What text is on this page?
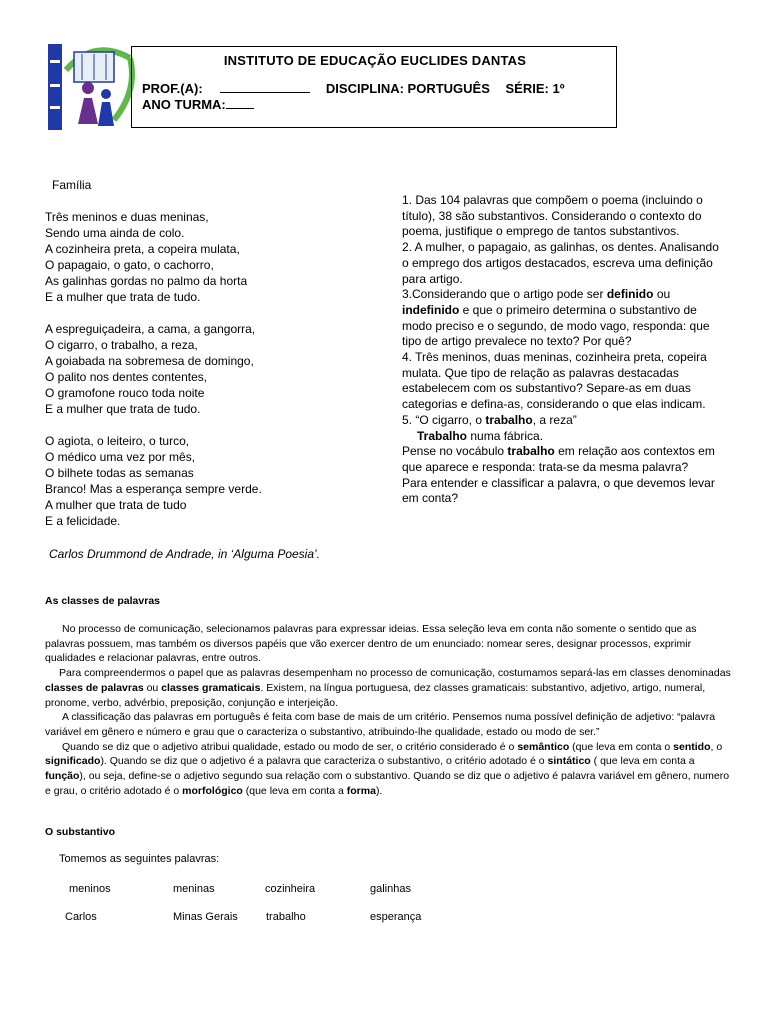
INSTITUTO DE EDUCAÇÃO EUCLIDES DANTAS
PROF.(A):	DISCIPLINA: PORTUGUÊS SÉRIE: 1º
ANO TURMA:
Família
Três meninos e duas meninas,
Sendo uma ainda de colo.
A cozinheira preta, a copeira mulata,
O papagaio, o gato, o cachorro,
As galinhas gordas no palmo da horta
E a mulher que trata de tudo.
A espreguiçadeira, a cama, a gangorra,
O cigarro, o trabalho, a reza,
A goiabada na sobremesa de domingo,
O palito nos dentes contentes,
O gramofone rouco toda noite
E a mulher que trata de tudo.
O agiota, o leiteiro, o turco,
O médico uma vez por mês,
O bilhete todas as semanas
Branco! Mas a esperança sempre verde.
A mulher que trata de tudo
E a felicidade.
Carlos Drummond de Andrade, in ‘Alguma Poesia’.
1. Das 104 palavras que compõem o poema (incluindo o título), 38 são substantivos. Considerando o contexto do poema, justifique o emprego de tantos substantivos.
2. A mulher, o papagaio, as galinhas, os dentes. Analisando o emprego dos artigos destacados, escreva uma definição para artigo.
3.Considerando que o artigo pode ser definido ou indefinido e que o primeiro determina o substantivo de modo preciso e o segundo, de modo vago, responda: que tipo de artigo prevalece no texto? Por quê?
4. Três meninos, duas meninas, cozinheira preta, copeira mulata. Que tipo de relação as palavras destacadas estabelecem com os substantivo? Separe-as em duas categorias e defina-as, considerando o que elas indicam.
5. “O cigarro, o trabalho, a reza”
Trabalho numa fábrica.
Pense no vocábulo trabalho em relação aos contextos em que aparece e responda: trata-se da mesma palavra?
Para entender e classificar a palavra, o que devemos levar em conta?
As classes de palavras
No processo de comunicação, selecionamos palavras para expressar ideias. Essa seleção leva em conta não somente o sentido que as palavras possuem, mas também os diversos papéis que vão exercer dentro de um enunciado: nomear seres, designar processos, exprimir qualidades e relacionar palavras, entre outros.
Para compreendermos o papel que as palavras desempenham no processo de comunicação, costumamos separá-las em classes denominadas classes de palavras ou classes gramaticais. Existem, na língua portuguesa, dez classes gramaticais: substantivo, adjetivo, artigo, numeral, pronome, verbo, advérbio, preposição, conjunção e interjeição.
A classificação das palavras em português é feita com base de mais de um critério. Pensemos numa possível definição de adjetivo: “palavra variável em gênero e número e grau que o caracteriza o substantivo, atribuindo-lhe qualidade, estado ou modo de ser.”
Quando se diz que o adjetivo atribui qualidade, estado ou modo de ser, o critério considerado é o semântico (que leva em conta o sentido, o significado). Quando se diz que o adjetivo é a palavra que caracteriza o substantivo, o critério adotado é o sintático ( que leva em conta a função), ou seja, define-se o adjetivo segundo sua relação com o substantivo. Quando se diz que o adjetivo é palavra variável em gênero, numero e grau, o critério adotado é o morfológico (que leva em conta a forma).
O substantivo
Tomemos as seguintes palavras:
meninos	meninas	cozinheira	galinhas
Carlos	Minas Gerais	trabalho	esperança
